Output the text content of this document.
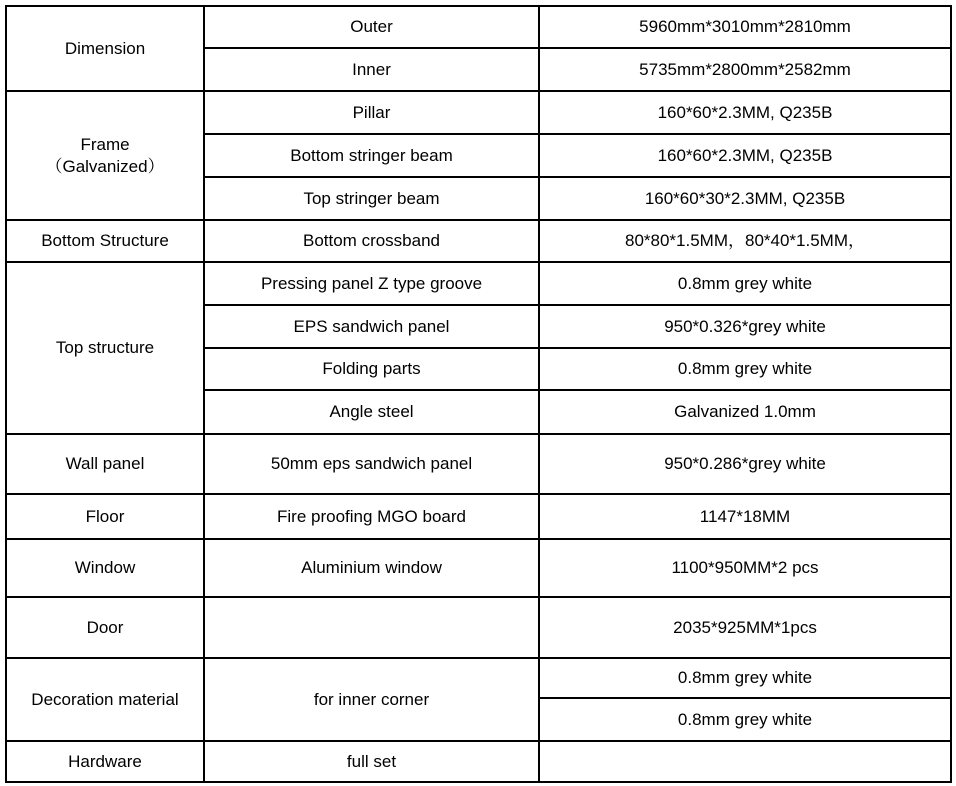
Dimension	Outer	5960mm*3010mm*2810mm
	Inner	5735mm*2800mm*2582mm

Frame
（Galvanized）	Pillar	160*60*2.3MM, Q235B
	Bottom stringer beam	160*60*2.3MM, Q235B
	Top stringer beam	160*60*30*2.3MM, Q235B
Bottom Structure	Bottom crossband	80*80*1.5MM，80*40*1.5MM，
Top structure	Pressing panel Z type groove	0.8mm grey white
	EPS sandwich panel	950*0.326*grey white
	Folding parts	0.8mm grey white
	Angle steel	Galvanized 1.0mm
Wall panel	50mm eps sandwich panel	950*0.286*grey white
Floor	Fire proofing MGO board	1147*18MM
Window	Aluminium window	1100*950MM*2 pcs
Door		2035*925MM*1pcs
Decoration material	for inner corner	0.8mm grey white
		0.8mm grey white
Hardware	full set	
